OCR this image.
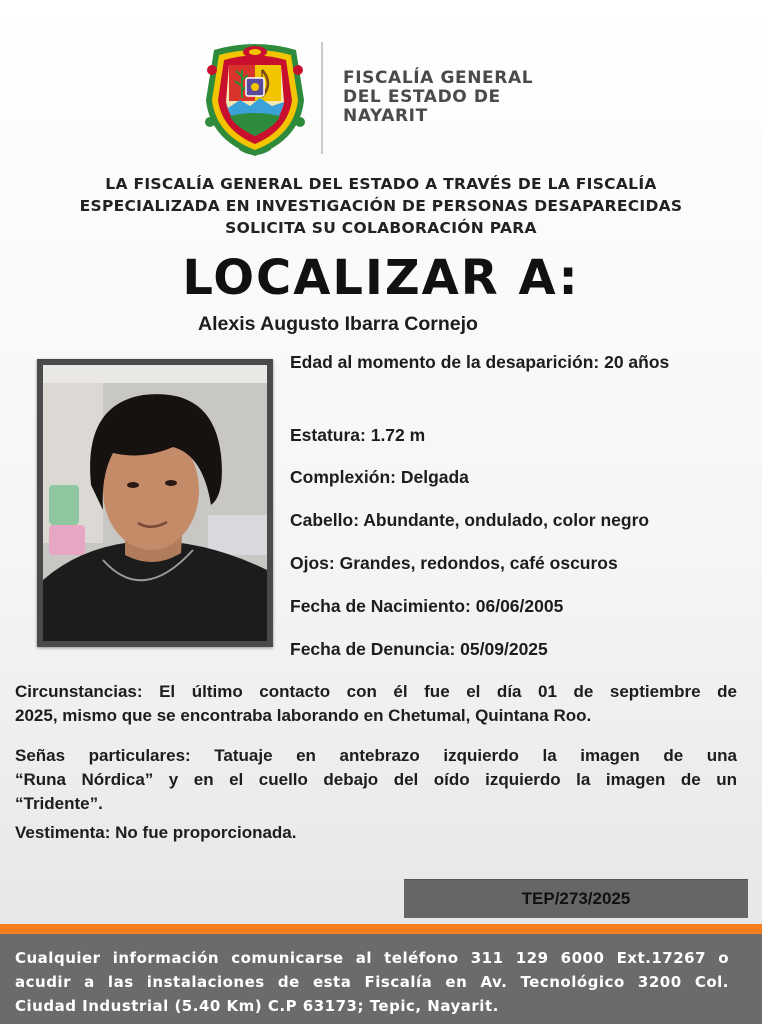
FISCALÍA GENERAL
DEL ESTADO DE
NAYARIT
LA FISCALÍA GENERAL DEL ESTADO A TRAVÉS DE LA FISCALÍA
ESPECIALIZADA EN INVESTIGACIÓN DE PERSONAS DESAPARECIDAS
SOLICITA SU COLABORACIÓN PARA
LOCALIZAR A:
Alexis Augusto Ibarra Cornejo
Edad al momento de la desaparición: 20 años
Estatura: 1.72 m
Complexión: Delgada
Cabello: Abundante, ondulado, color negro
Ojos: Grandes, redondos, café oscuros
Fecha de Nacimiento: 06/06/2005
Fecha de Denuncia: 05/09/2025
Circunstancias: El último contacto con él fue el día 01 de septiembre de
2025, mismo que se encontraba laborando en Chetumal, Quintana Roo.
Señas particulares: Tatuaje en antebrazo izquierdo la imagen de una
“Runa Nórdica” y en el cuello debajo del oído izquierdo la imagen de un
“Trident​e”.
Vestimenta: No fue proporcionada.
TEP/273/2025
Cualquier información comunicarse al teléfono 311 129 6000 Ext.17267 o
acudir a las instalaciones de esta Fiscalía en Av. Tecnológico 3200 Col.
Ciudad Industrial (5.40 Km) C.P 63173; Tepic, Nayarit.
